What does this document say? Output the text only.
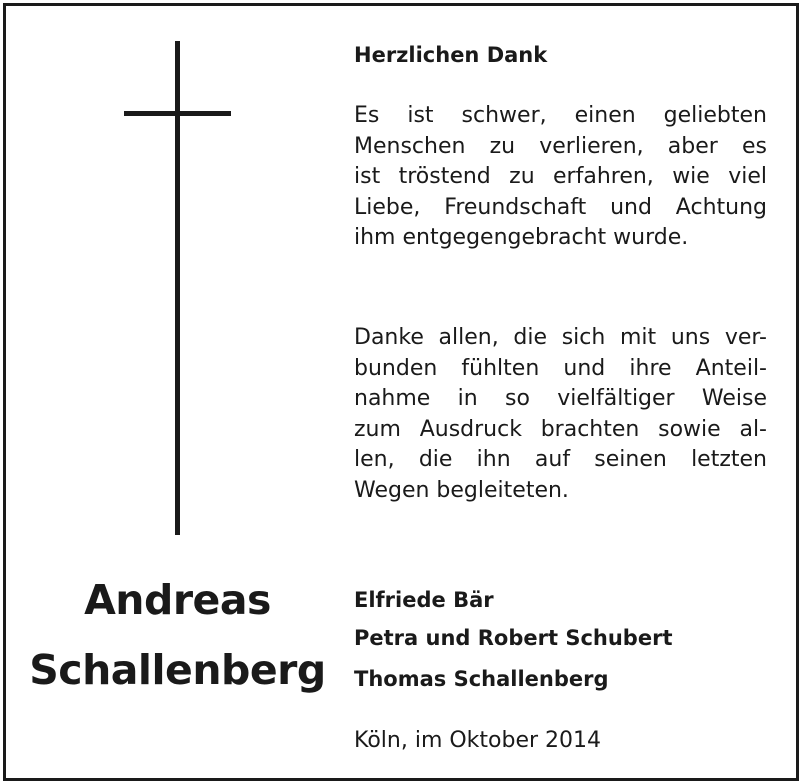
Andreas
Schallenberg
Herzlichen Dank
Es ist schwer, einen geliebten
Menschen zu verlieren, aber es
ist tröstend zu erfahren, wie viel
Liebe, Freundschaft und Achtung
ihm entgegengebracht wurde.
Danke allen, die sich mit uns ver-
bunden fühlten und ihre Anteil-
nahme in so vielfältiger Weise
zum Ausdruck brachten sowie al-
len, die ihn auf seinen letzten
Wegen begleiteten.
Elfriede Bär
Petra und Robert Schubert
Thomas Schallenberg
Köln, im Oktober 2014
